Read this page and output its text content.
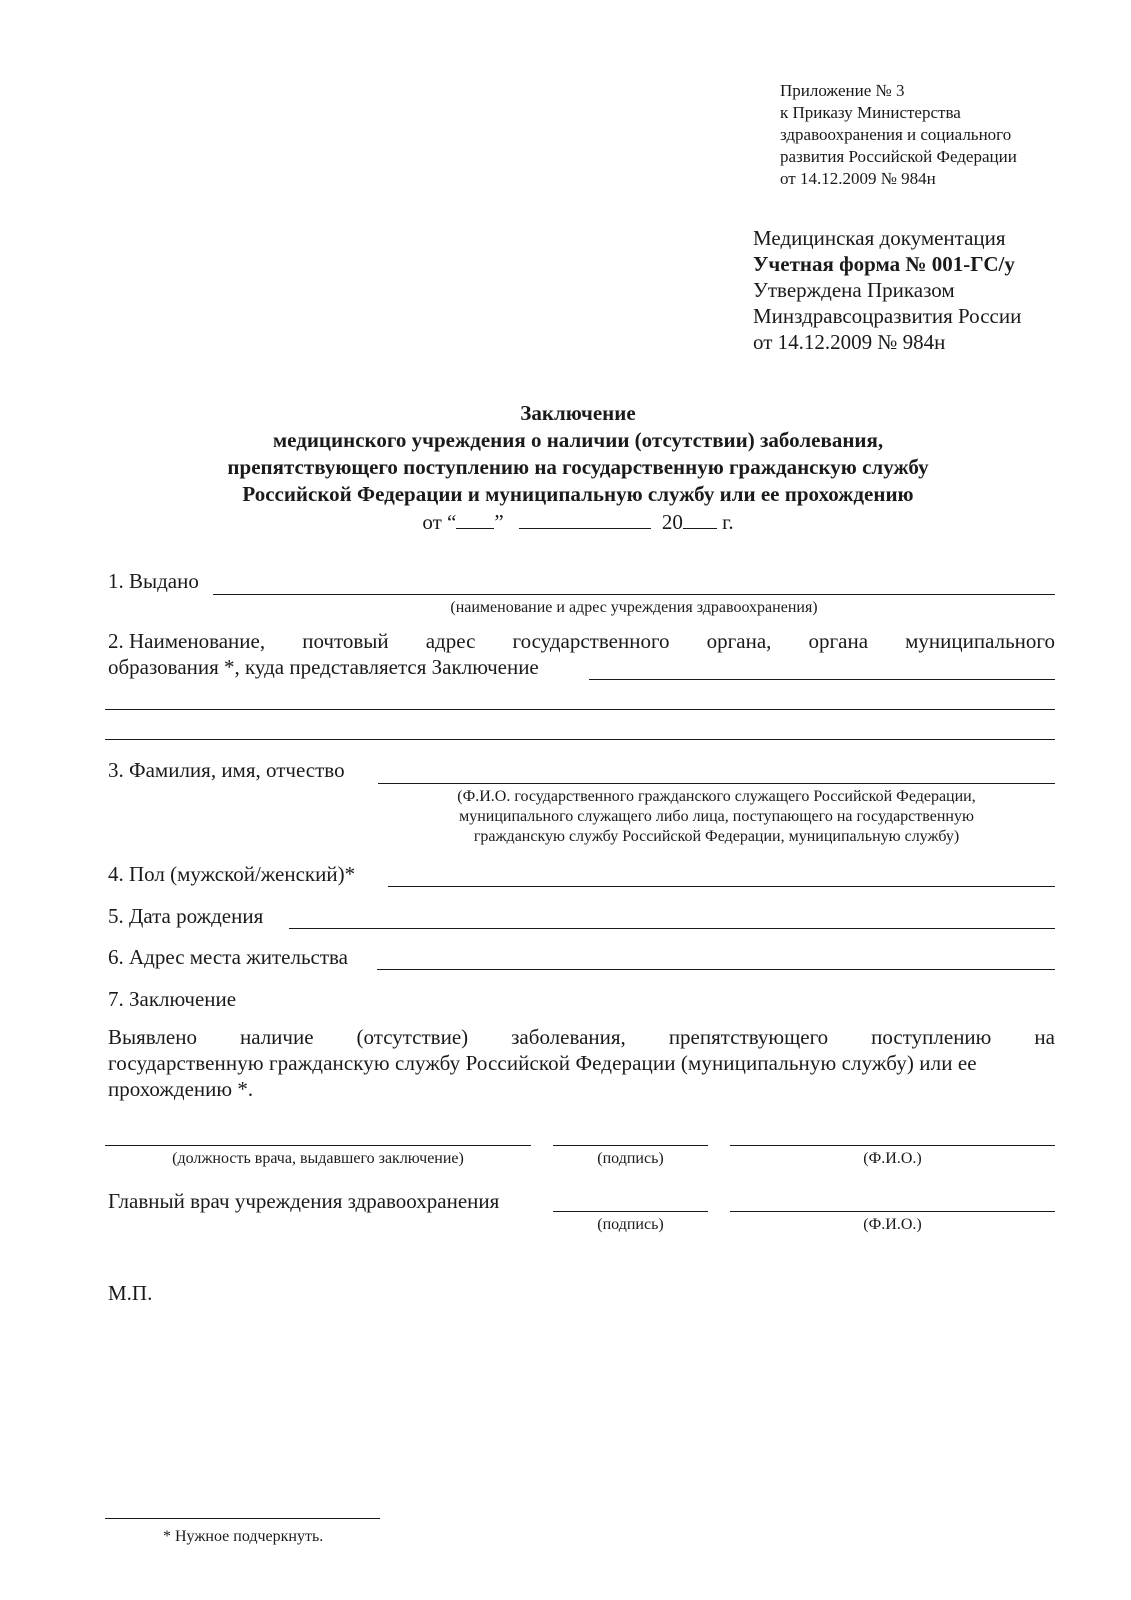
Приложение № 3
к Приказу Министерства
здравоохранения и социального
развития Российской Федерации
от 14.12.2009 № 984н
Медицинская документация
Учетная форма № 001-ГС/у
Утверждена Приказом
Минздравсоцразвития России
от 14.12.2009 № 984н
Заключение
медицинского учреждения о наличии (отсутствии) заболевания,
препятствующего поступлению на государственную гражданскую службу
Российской Федерации и муниципальную службу или ее прохождению
от “ ”	20 г.
1. Выдано
(наименование и адрес учреждения здравоохранения)
2. Наименование, почтовый адрес государственного органа, органа муниципального
образования *, куда представляется Заключение
3. Фамилия, имя, отчество
(Ф.И.О. государственного гражданского служащего Российской Федерации,
муниципального служащего либо лица, поступающего на государственную
гражданскую службу Российской Федерации, муниципальную службу)
4. Пол (мужской/женский)*
5. Дата рождения
6. Адрес места жительства
7. Заключение
Выявлено наличие (отсутствие) заболевания, препятствующего поступлению на
государственную гражданскую службу Российской Федерации (муниципальную службу) или ее
прохождению *.
(должность врача, выдавшего заключение)	(подпись)	(Ф.И.О.)
Главный врач учреждения здравоохранения
(подпись)	(Ф.И.О.)
М.П.
* Нужное подчеркнуть.
